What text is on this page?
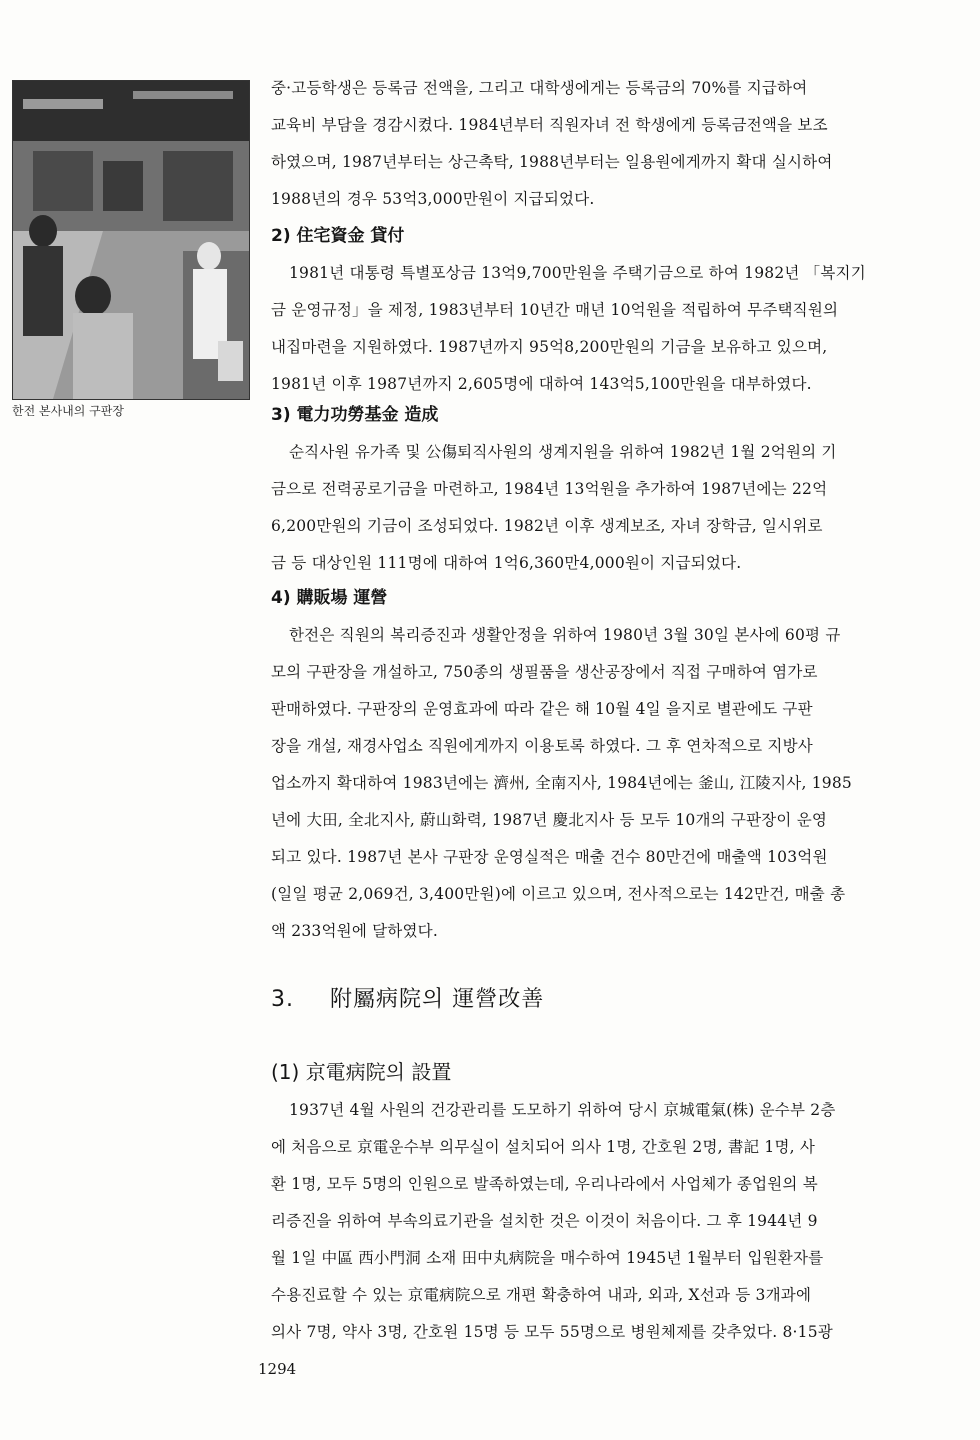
한전 본사내의 구판장

중·고등학생은 등록금 전액을, 그리고 대학생에게는 등록금의 70%를 지급하여

교육비 부담을 경감시켰다. 1984년부터 직원자녀 전 학생에게 등록금전액을 보조

하였으며, 1987년부터는 상근촉탁, 1988년부터는 일용원에게까지 확대 실시하여

1988년의 경우 53억3,000만원이 지급되었다.

2) 住宅資金 貸付

1981년 대통령 특별포상금 13억9,700만원을 주택기금으로 하여 1982년 「복지기

금 운영규정」을 제정, 1983년부터 10년간 매년 10억원을 적립하여 무주택직원의

내집마련을 지원하였다. 1987년까지 95억8,200만원의 기금을 보유하고 있으며,

1981년 이후 1987년까지 2,605명에 대하여 143억5,100만원을 대부하였다.

3) 電力功勞基金 造成

순직사원 유가족 및 公傷퇴직사원의 생계지원을 위하여 1982년 1월 2억원의 기

금으로 전력공로기금을 마련하고, 1984년 13억원을 추가하여 1987년에는 22억

6,200만원의 기금이 조성되었다. 1982년 이후 생계보조, 자녀 장학금, 일시위로

금 등 대상인원 111명에 대하여 1억6,360만4,000원이 지급되었다.

4) 購販場 運營

한전은 직원의 복리증진과 생활안정을 위하여 1980년 3월 30일 본사에 60평 규

모의 구판장을 개설하고, 750종의 생필품을 생산공장에서 직접 구매하여 염가로

판매하였다. 구판장의 운영효과에 따라 같은 해 10월 4일 을지로 별관에도 구판

장을 개설, 재경사업소 직원에게까지 이용토록 하였다. 그 후 연차적으로 지방사

업소까지 확대하여 1983년에는 濟州, 全南지사, 1984년에는 釜山, 江陵지사, 1985

년에 大田, 全北지사, 蔚山화력, 1987년 慶北지사 등 모두 10개의 구판장이 운영

되고 있다. 1987년 본사 구판장 운영실적은 매출 건수 80만건에 매출액 103억원

(일일 평균 2,069건, 3,400만원)에 이르고 있으며, 전사적으로는 142만건, 매출 총

액 233억원에 달하였다.

3. 附屬病院의 運營改善
(1) 京電病院의 設置

1937년 4월 사원의 건강관리를 도모하기 위하여 당시 京城電氣(株) 운수부 2층

에 처음으로 京電운수부 의무실이 설치되어 의사 1명, 간호원 2명, 書記 1명, 사

환 1명, 모두 5명의 인원으로 발족하였는데, 우리나라에서 사업체가 종업원의 복

리증진을 위하여 부속의료기관을 설치한 것은 이것이 처음이다. 그 후 1944년 9

월 1일 中區 西小門洞 소재 田中丸病院을 매수하여 1945년 1월부터 입원환자를

수용진료할 수 있는 京電病院으로 개편 확충하여 내과, 외과, X선과 등 3개과에

의사 7명, 약사 3명, 간호원 15명 등 모두 55명으로 병원체제를 갖추었다. 8·15광

1294
